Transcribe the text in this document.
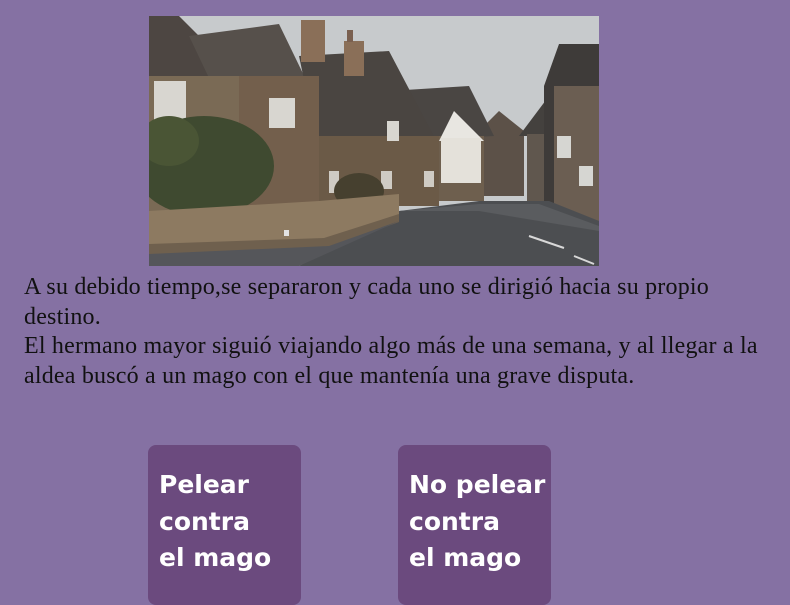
A su debido tiempo,se separaron y cada uno se dirigió hacia su propio destino.

El hermano mayor siguió viajando algo más de una semana, y al llegar a la aldea buscó a un mago con el que mantenía una grave disputa.

Pelear
contra
el mago
No pelear
contra
el mago
